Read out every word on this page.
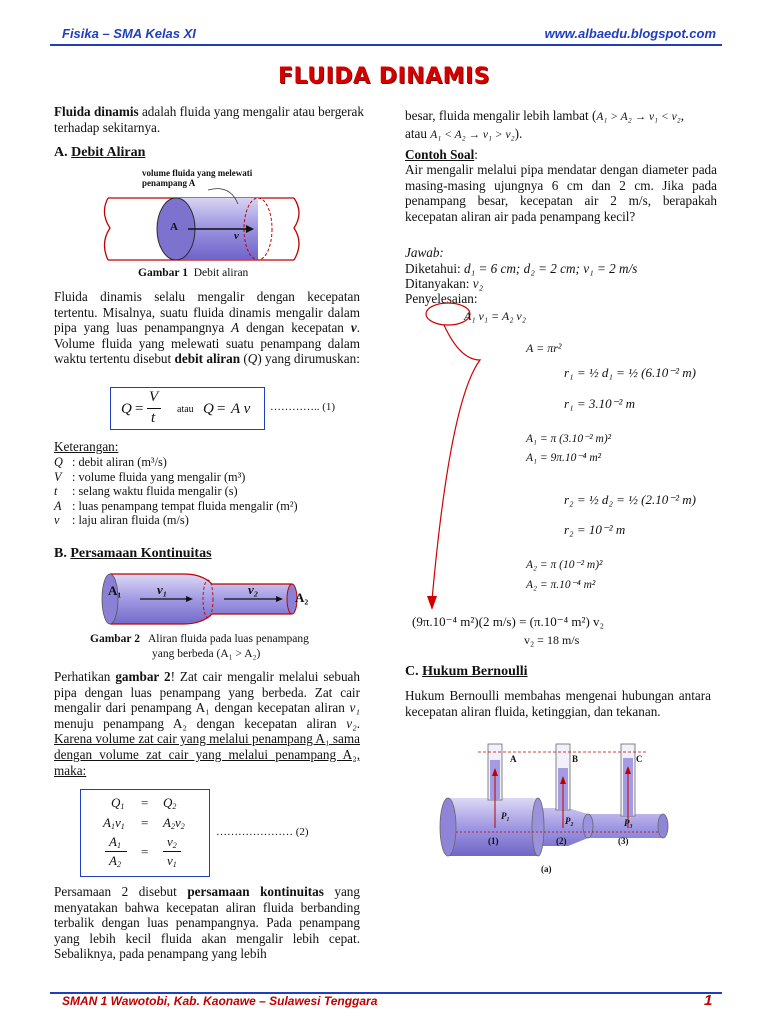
Fisika – SMA Kelas XI	www.albaedu.blogspot.com
FLUIDA DINAMIS
Fluida dinamis adalah fluida yang mengalir atau bergerak terhadap sekitarnya.
A. Debit Aliran
volume fluida yang melewati
penampang A
A
v
Gambar 1 Debit aliran
Fluida dinamis selalu mengalir dengan kecepatan tertentu. Misalnya, suatu fluida dinamis mengalir dalam pipa yang luas penampangnya A dengan kecepatan v. Volume fluida yang melewati suatu penampang dalam waktu tertentu disebut debit aliran (Q) yang dirumuskan:
Q =
V
t
atau Q = A v ………….. (1)
Keterangan:
Q : debit aliran (m³/s)
V : volume fluida yang mengalir (m³)
t : selang waktu fluida mengalir (s)
A : luas penampang tempat fluida mengalir (m²)
v : laju aliran fluida (m/s)
B. Persamaan Kontinuitas
A₁	v₁	v₂
A₂
Gambar 2 Aliran fluida pada luas penampang
yang berbeda (A₁ > A₂)
Perhatikan gambar 2! Zat cair mengalir melalui sebuah pipa dengan luas penampang yang berbeda. Zat cair mengalir dari penampang A₁ dengan kecepatan aliran v₁ menuju penampang A₂ dengan kecepatan aliran v₂. Karena volume zat cair yang melalui penampang A₁ sama dengan volume zat cair yang melalui penampang A₂, maka:
$Q_1 = Q_2$
$A_1v_1 = A_2v_2$
$A_1$
$A_2$
=
$v_2$
$v_1$
………………… (2)
Persamaan 2 disebut persamaan kontinuitas yang menyatakan bahwa kecepatan aliran fluida berbanding terbalik dengan luas penampangnya. Pada penampang yang lebih kecil fluida akan mengalir lebih cepat. Sebaliknya, pada penampang yang lebih
besar, fluida mengalir lebih lambat (A₁ > A₂ → v₁ < v₂,
atau A₁ < A₂ → v₁ > v₂).
Contoh Soal:
Air mengalir melalui pipa mendatar dengan diameter pada masing-masing ujungnya 6 cm dan 2 cm. Jika pada penampang besar, kecepatan air 2 m/s, berapakah kecepatan aliran air pada penampang kecil?
Jawab:
Diketahui: d₁ = 6 cm; d₂ = 2 cm; v₁ = 2 m/s
Ditanyakan: v₂
Penyelesaian:
A₁ v₁ = A₂ v₂
A = πr²
r₁ = ½ d₁ = ½ (6.10⁻² m)
r₁ = 3.10⁻² m
A₁ = π (3.10⁻² m)²
A₁ = 9π.10⁻⁴ m²
r₂ = ½ d₂ = ½ (2.10⁻² m)
r₂ = 10⁻² m
A₂ = π (10⁻² m)²
A₂ = π.10⁻⁴ m²
(9π.10⁻⁴ m²)(2 m/s) = (π.10⁻⁴ m²) v₂
v₂ = 18 m/s
C. Hukum Bernoulli
Hukum Bernoulli membahas mengenai hubungan antara kecepatan aliran fluida, ketinggian, dan tekanan.
A	B	C
P₁	P₂	P₃
(1)	(2)	(3)
(a)
SMAN 1 Wawotobi, Kab. Kaonawe – Sulawesi Tenggara	1
